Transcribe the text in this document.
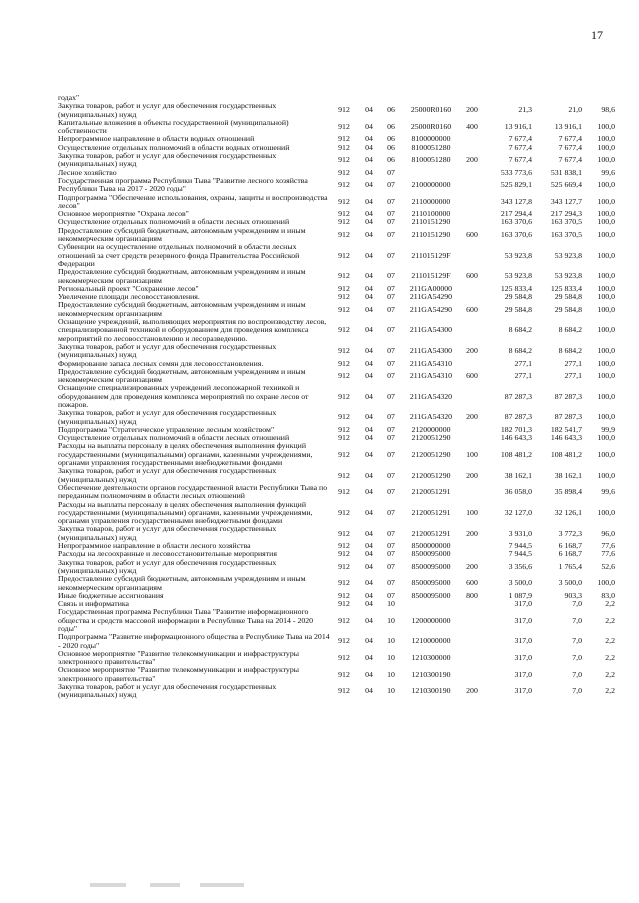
17
годах"								
Закупка товаров, работ и услуг для обеспечения государственных (муниципальных) нужд	912	04	06	25000R0160	200	21,3	21,0	98,6
Капитальные вложения в объекты государственной (муниципальной) собственности	912	04	06	25000R0160	400	13 916,1	13 916,1	100,0
Непрограммное направление в области водных отношений	912	04	06	8100000000		7 677,4	7 677,4	100,0
Осуществление отдельных полномочий в области водных отношений	912	04	06	8100051280		7 677,4	7 677,4	100,0
Закупка товаров, работ и услуг для обеспечения государственных (муниципальных) нужд	912	04	06	8100051280	200	7 677,4	7 677,4	100,0
Лесное хозяйство	912	04	07			533 773,6	531 838,1	99,6
Государственная программа Республики Тыва "Развитие лесного хозяйства Республики Тыва на 2017 - 2020 годы"	912	04	07	2100000000		525 829,1	525 669,4	100,0
Подпрограмма "Обеспечение использования, охраны, защиты и воспроизводства лесов"	912	04	07	2110000000		343 127,8	343 127,7	100,0
Основное мероприятие "Охрана лесов"	912	04	07	2110100000		217 294,4	217 294,3	100,0
Осуществление отдельных полномочий в области лесных отношений	912	04	07	2110151290		163 370,6	163 370,5	100,0
Предоставление субсидий бюджетным, автономным учреждениям и иным некоммерческим организациям	912	04	07	2110151290	600	163 370,6	163 370,5	100,0
Субвенции на осуществление отдельных полномочий в области лесных отношений за счет средств резервного фонда Правительства Российской Федерации	912	04	07	211015129F		53 923,8	53 923,8	100,0
Предоставление субсидий бюджетным, автономным учреждениям и иным некоммерческим организациям	912	04	07	211015129F	600	53 923,8	53 923,8	100,0
Региональный проект "Сохранение лесов"	912	04	07	211GA00000		125 833,4	125 833,4	100,0
Увеличение площади лесовосстановления.	912	04	07	211GA54290		29 584,8	29 584,8	100,0
Предоставление субсидий бюджетным, автономным учреждениям и иным некоммерческим организациям	912	04	07	211GA54290	600	29 584,8	29 584,8	100,0
Оснащение учреждений, выполняющих мероприятия по воспроизводству лесов, специализированной техникой и оборудованием для проведения комплекса мероприятий по лесовосстановлению и лесоразведению.	912	04	07	211GA54300		8 684,2	8 684,2	100,0
Закупка товаров, работ и услуг для обеспечения государственных (муниципальных) нужд	912	04	07	211GA54300	200	8 684,2	8 684,2	100,0
Формирование запаса лесных семян для лесовосстановления.	912	04	07	211GA54310		277,1	277,1	100,0
Предоставление субсидий бюджетным, автономным учреждениям и иным некоммерческим организациям	912	04	07	211GA54310	600	277,1	277,1	100,0
Оснащение специализированных учреждений лесопожарной техникой и оборудованием для проведения комплекса мероприятий по охране лесов от пожаров.	912	04	07	211GA54320		87 287,3	87 287,3	100,0
Закупка товаров, работ и услуг для обеспечения государственных (муниципальных) нужд	912	04	07	211GA54320	200	87 287,3	87 287,3	100,0
Подпрограмма "Стратегическое управление лесным хозяйством"	912	04	07	2120000000		182 701,3	182 541,7	99,9
Осуществление отдельных полномочий в области лесных отношений	912	04	07	2120051290		146 643,3	146 643,3	100,0
Расходы на выплаты персоналу в целях обеспечения выполнения функций государственными (муниципальными) органами, казенными учреждениями, органами управления государственными внебюджетными фондами	912	04	07	2120051290	100	108 481,2	108 481,2	100,0
Закупка товаров, работ и услуг для обеспечения государственных (муниципальных) нужд	912	04	07	2120051290	200	38 162,1	38 162,1	100,0
Обеспечение деятельности органов государственной власти Республики Тыва по переданным полномочиям в области лесных отношений	912	04	07	2120051291		36 058,0	35 898,4	99,6
Расходы на выплаты персоналу в целях обеспечения выполнения функций государственными (муниципальными) органами, казенными учреждениями, органами управления государственными внебюджетными фондами	912	04	07	2120051291	100	32 127,0	32 126,1	100,0
Закупка товаров, работ и услуг для обеспечения государственных (муниципальных) нужд	912	04	07	2120051291	200	3 931,0	3 772,3	96,0
Непрограммное направление в области лесного хозяйства	912	04	07	8500000000		7 944,5	6 168,7	77,6
Расходы на лесоохранные и лесовосстановительные мероприятия	912	04	07	8500095000		7 944,5	6 168,7	77,6
Закупка товаров, работ и услуг для обеспечения государственных (муниципальных) нужд	912	04	07	8500095000	200	3 356,6	1 765,4	52,6
Предоставление субсидий бюджетным, автономным учреждениям и иным некоммерческим организациям	912	04	07	8500095000	600	3 500,0	3 500,0	100,0
Иные бюджетные ассигнования	912	04	07	8500095000	800	1 087,9	903,3	83,0
Связь и информатика	912	04	10			317,0	7,0	2,2
Государственная программа Республики Тыва "Развитие информационного общества и средств массовой информации в Республике Тыва на 2014 - 2020 годы"	912	04	10	1200000000		317,0	7,0	2,2
Подпрограмма "Развитие информационного общества в Республике Тыва на 2014 - 2020 годы"	912	04	10	1210000000		317,0	7,0	2,2
Основное мероприятие "Развитие телекоммуникации и инфраструктуры электронного правительства"	912	04	10	1210300000		317,0	7,0	2,2
Основное мероприятие "Развитие телекоммуникации и инфраструктуры электронного правительства"	912	04	10	1210300190		317,0	7,0	2,2
Закупка товаров, работ и услуг для обеспечения государственных (муниципальных) нужд	912	04	10	1210300190	200	317,0	7,0	2,2
